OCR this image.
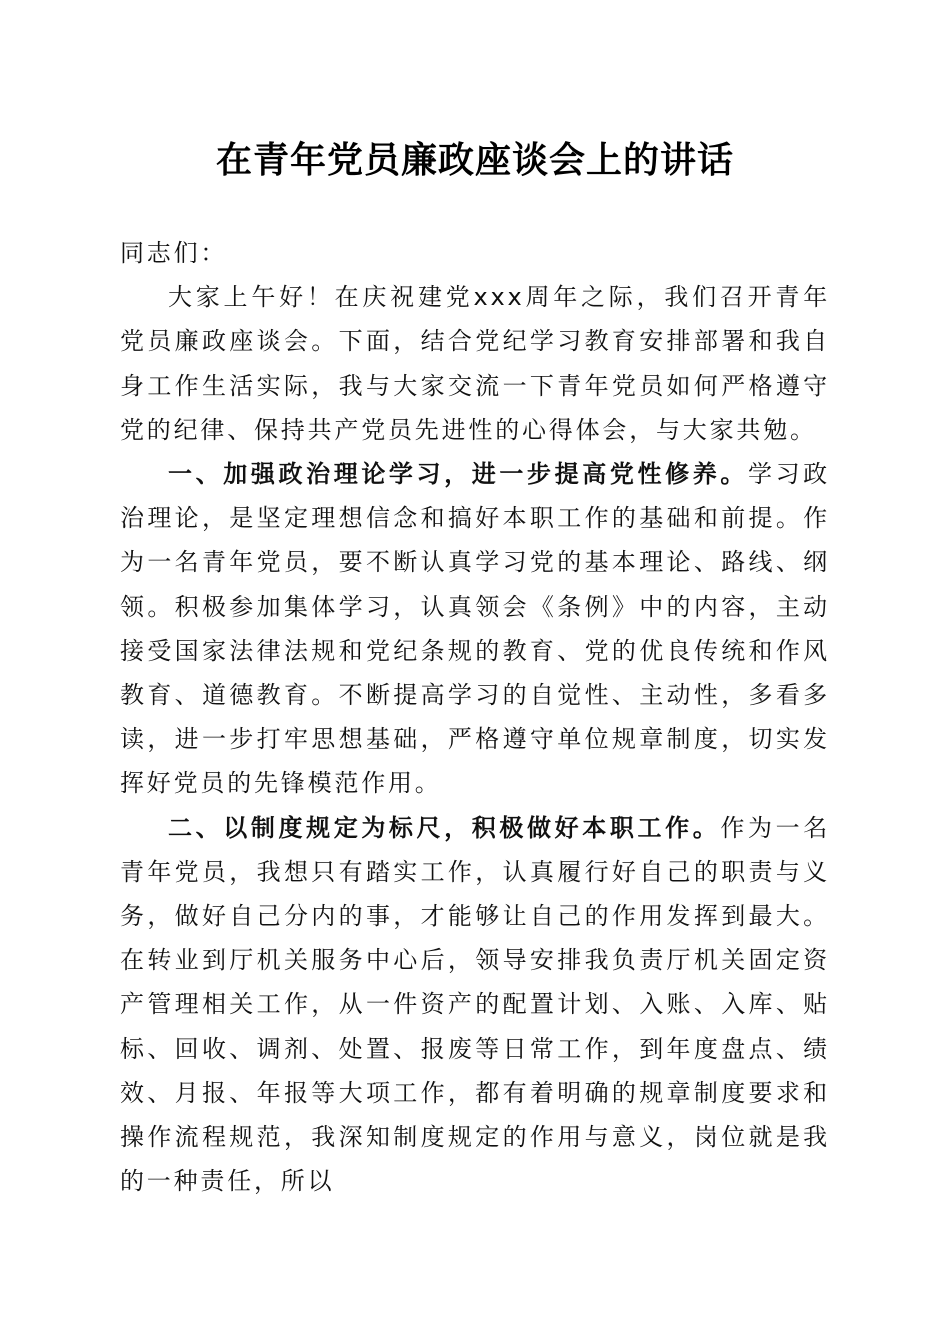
在青年党员廉政座谈会上的讲话

同志们：

大家上午好！在庆祝建党xxx周年之际，我们召开青年党员廉政座谈会。下面，结合党纪学习教育安排部署和我自身工作生活实际，我与大家交流一下青年党员如何严格遵守党的纪律、保持共产党员先进性的心得体会，与大家共勉。

一、加强政治理论学习，进一步提高党性修养。学习政治理论，是坚定理想信念和搞好本职工作的基础和前提。作为一名青年党员，要不断认真学习党的基本理论、路线、纲领。积极参加集体学习，认真领会《条例》中的内容，主动接受国家法律法规和党纪条规的教育、党的优良传统和作风教育、道德教育。不断提高学习的自觉性、主动性，多看多读，进一步打牢思想基础，严格遵守单位规章制度，切实发挥好党员的先锋模范作用。

二、以制度规定为标尺，积极做好本职工作。作为一名青年党员，我想只有踏实工作，认真履行好自己的职责与义务，做好自己分内的事，才能够让自己的作用发挥到最大。在转业到厅机关服务中心后，领导安排我负责厅机关固定资产管理相关工作，从一件资产的配置计划、入账、入库、贴标、回收、调剂、处置、报废等日常工作，到年度盘点、绩效、月报、年报等大项工作，都有着明确的规章制度要求和操作流程规范，我深知制度规定的作用与意义，岗位就是我的一种责任，所以
